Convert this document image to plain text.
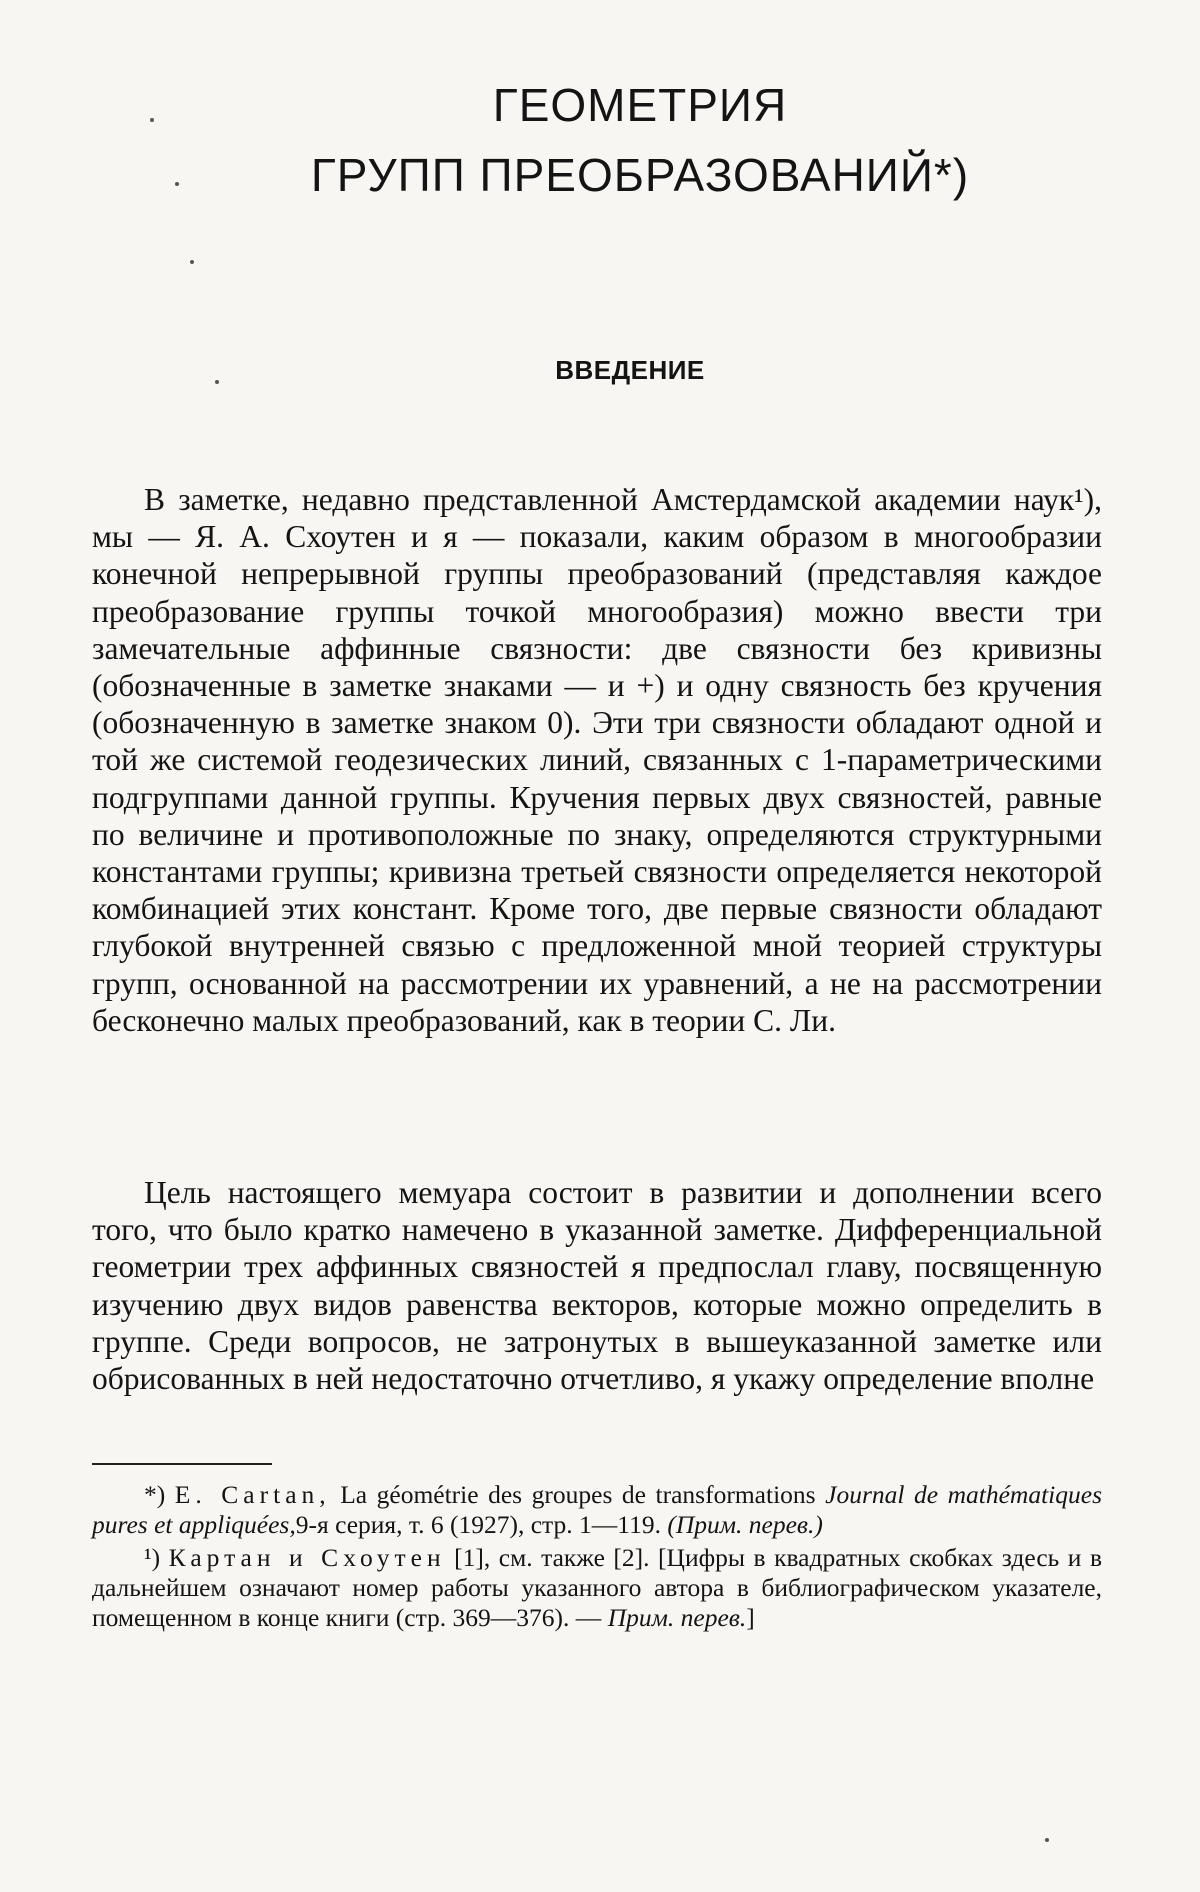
ГЕОМЕТРИЯ
ГРУПП ПРЕОБРАЗОВАНИЙ*)
ВВЕДЕНИЕ

В заметке, недавно представленной Амстердамской академии наук¹), мы — Я. А. Схоутен и я — показали, каким образом в многообразии конечной непрерывной группы преобразований (представляя каждое преобразование группы точкой многообразия) можно ввести три замечательные аффинные связности: две связности без кривизны (обозначенные в заметке знаками — и +) и одну связность без кручения (обозначенную в заметке знаком 0). Эти три связности обладают одной и той же системой геодезических линий, связанных с 1-параметрическими подгруппами данной группы. Кручения первых двух связностей, равные по величине и противоположные по знаку, определяются структурными константами группы; кривизна третьей связности определяется некоторой комбинацией этих констант. Кроме того, две первые связности обладают глубокой внутренней связью с предложенной мной теорией структуры групп, основанной на рассмотрении их уравнений, а не на рассмотрении бесконечно малых преобразований, как в теории С. Ли.

Цель настоящего мемуара состоит в развитии и дополнении всего того, что было кратко намечено в указанной заметке. Дифференциальной геометрии трех аффинных связностей я предпослал главу, посвященную изучению двух видов равенства векторов, которые можно определить в группе. Среди вопросов, не затронутых в вышеуказанной заметке или обрисованных в ней недостаточно отчетливо, я укажу определение вполне

*) E. Cartan, La géométrie des groupes de transformations Journal de mathématiques pures et appliquées,9-я серия, т. 6 (1927), стр. 1—119. (Прим. перев.)

¹) Картан и Схоутен [1], см. также [2]. [Цифры в квадратных скобках здесь и в дальнейшем означают номер работы указанного автора в библиографическом указателе, помещенном в конце книги (стр. 369—376). — Прим. перев.]
